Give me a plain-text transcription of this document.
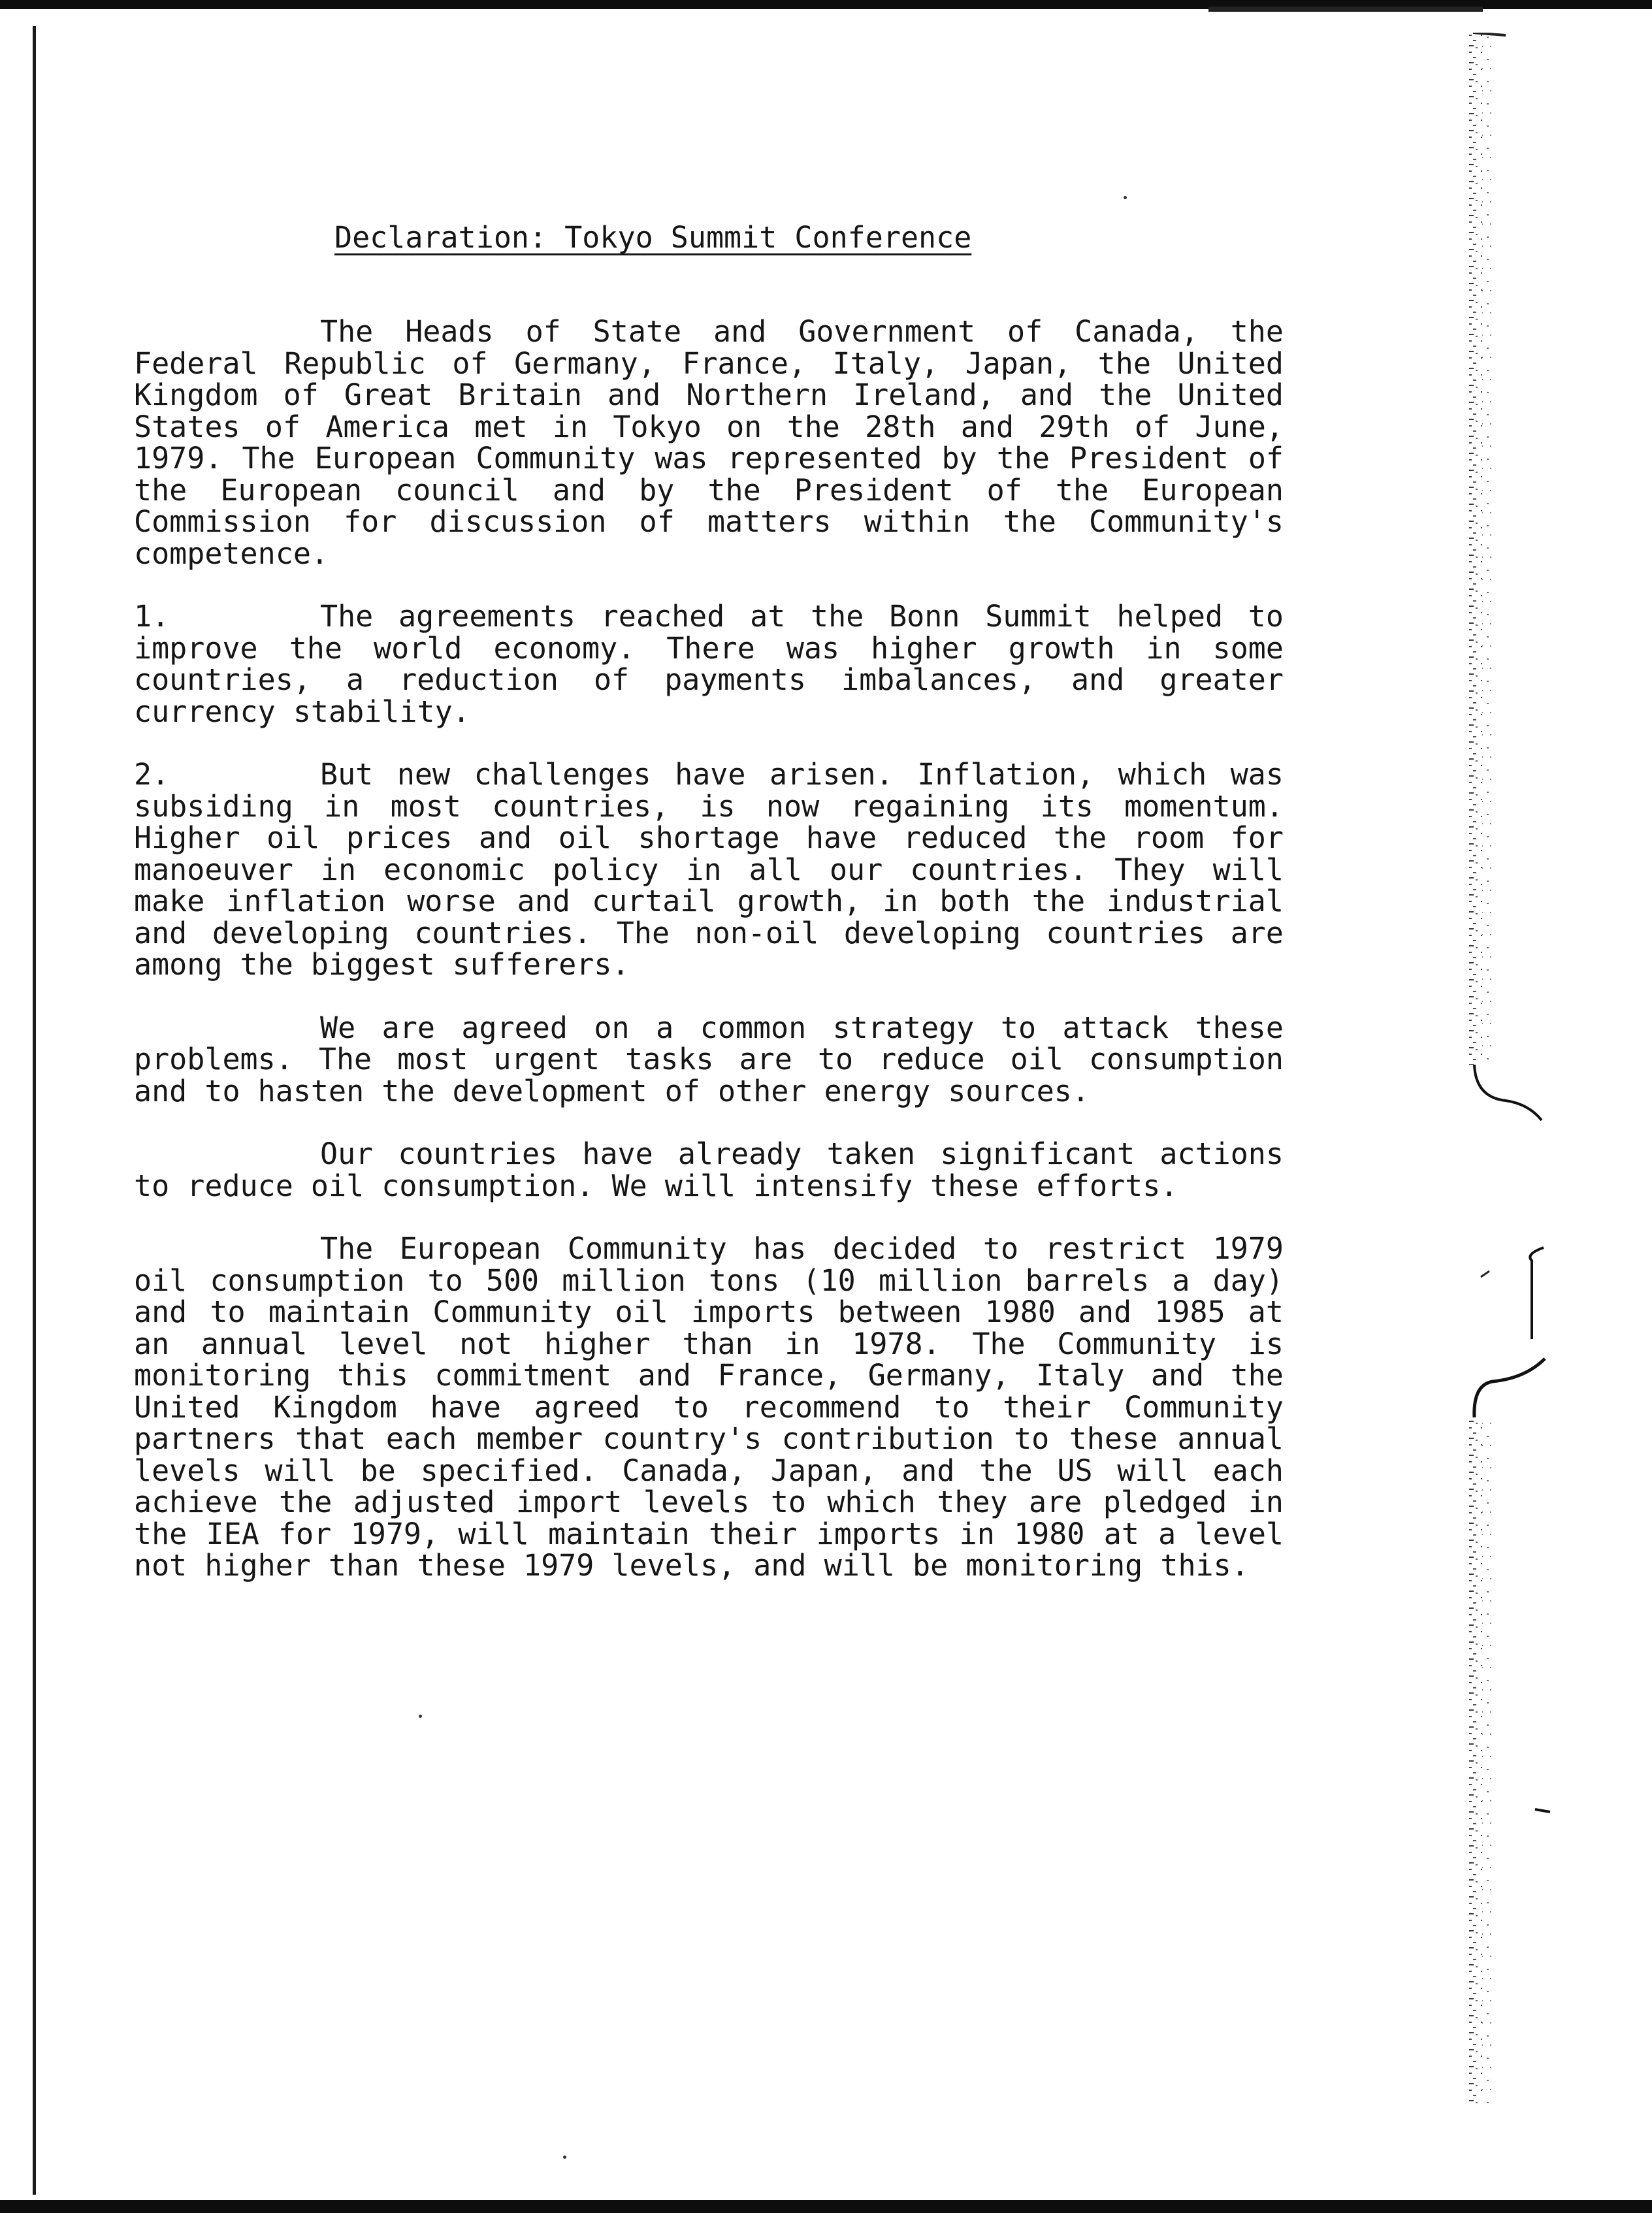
Declaration: Tokyo Summit Conference

The Heads of State and Government of Canada, the Federal Republic of Germany, France, Italy, Japan, the United Kingdom of Great Britain and Northern Ireland, and the United States of America met in Tokyo on the 28th and 29th of June, 1979. The European Community was represented by the President of the European council and by the President of the European Commission for discussion of matters within the Community's competence.

1.	The agreements reached at the Bonn Summit helped to improve the world economy. There was higher growth in some countries, a reduction of payments imbalances, and greater currency stability.

2.	But new challenges have arisen. Inflation, which was subsiding in most countries, is now regaining its momentum. Higher oil prices and oil shortage have reduced the room for manoeuver in economic policy in all our countries. They will make inflation worse and curtail growth, in both the industrial and developing countries. The non-oil developing countries are among the biggest sufferers.

We are agreed on a common strategy to attack these problems. The most urgent tasks are to reduce oil consumption and to hasten the development of other energy sources.

Our countries have already taken significant actions to reduce oil consumption. We will intensify these efforts.

The European Community has decided to restrict 1979 oil consumption to 500 million tons (10 million barrels a day) and to maintain Community oil imports between 1980 and 1985 at an annual level not higher than in 1978. The Community is monitoring this commitment and France, Germany, Italy and the United Kingdom have agreed to recommend to their Community partners that each member country's contribution to these annual levels will be specified. Canada, Japan, and the US will each achieve the adjusted import levels to which they are pledged in the IEA for 1979, will maintain their imports in 1980 at a level not higher than these 1979 levels, and will be monitoring this.
